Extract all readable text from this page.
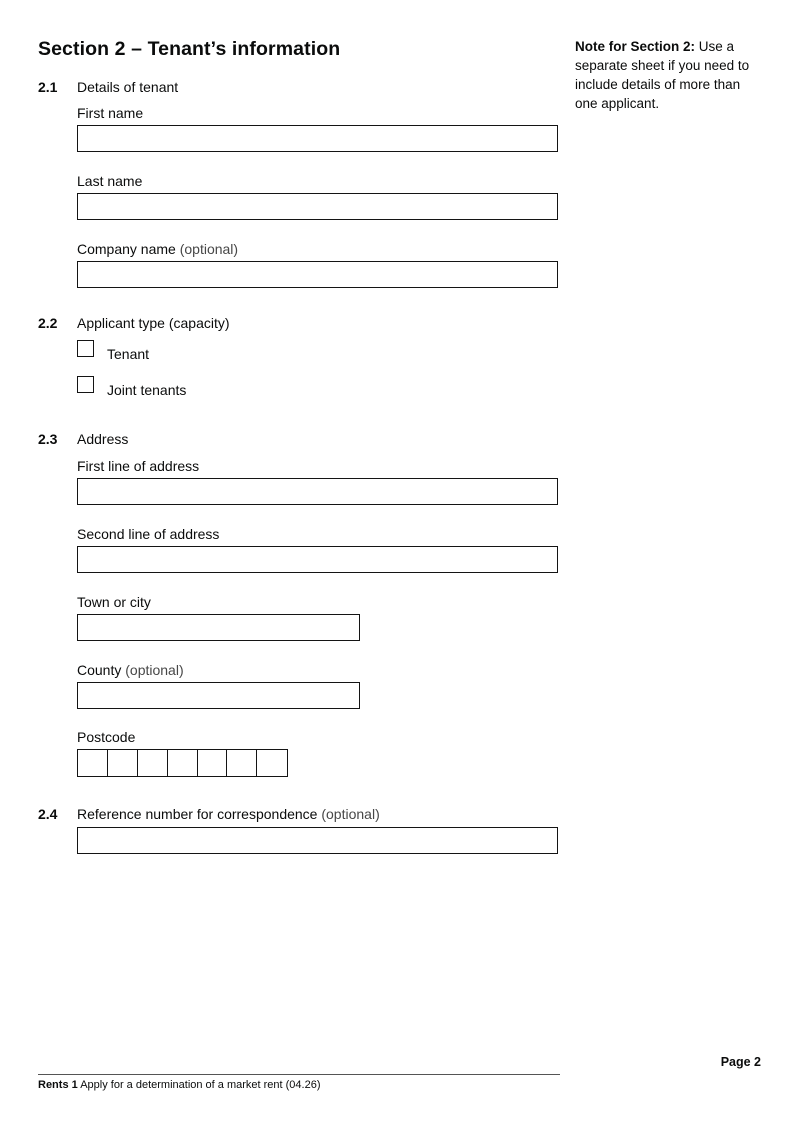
Section 2 – Tenant’s information
2.1	Details of tenant
First name
Last name
Company name (optional)
2.2	Applicant type (capacity)
Tenant
Joint tenants
2.3	Address
First line of address
Second line of address
Town or city
County (optional)
Postcode
2.4	Reference number for correspondence (optional)
Note for Section 2: Use a separate sheet if you need to include details of more than one applicant.
Page 2
Rents 1 Apply for a determination of a market rent (04.26)
